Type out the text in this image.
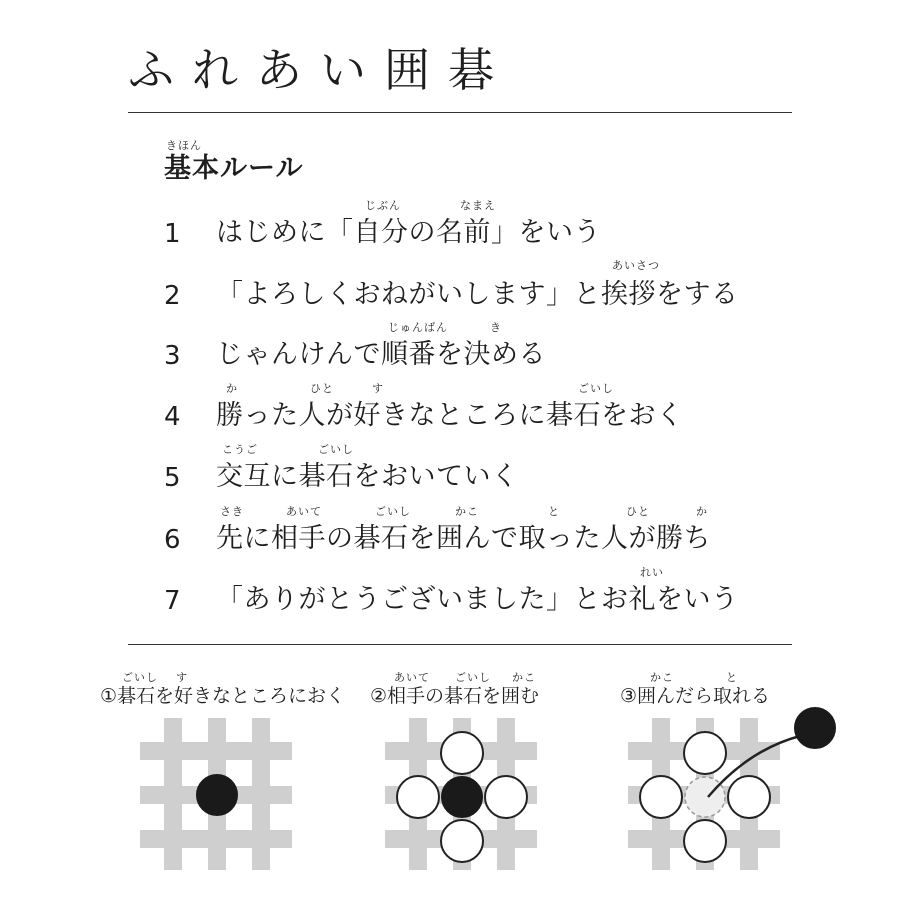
ふれあい囲碁
きほん
基本ルール
じぶん	なまえ
1 はじめに「自分の名前」をいう
あいさつ
2 「よろしくおねがいします」と挨拶をする
じゅんばん	き
3 じゃんけんで順番を決める
か	ひと	す	ごいし
4 勝った人が好きなところに碁石をおく
こうご	ごいし
5 交互に碁石をおいていく
さき	あいて	ごいし	かこ	と	ひと	か
6 先に相手の碁石を囲んで取った人が勝ち
れい
7 「ありがとうございました」とお礼をいう
ごいし す
①碁石を好きなところにおく
あいて ごいし かこ
②相手の碁石を囲む
かこ	と
③囲んだら取れる
